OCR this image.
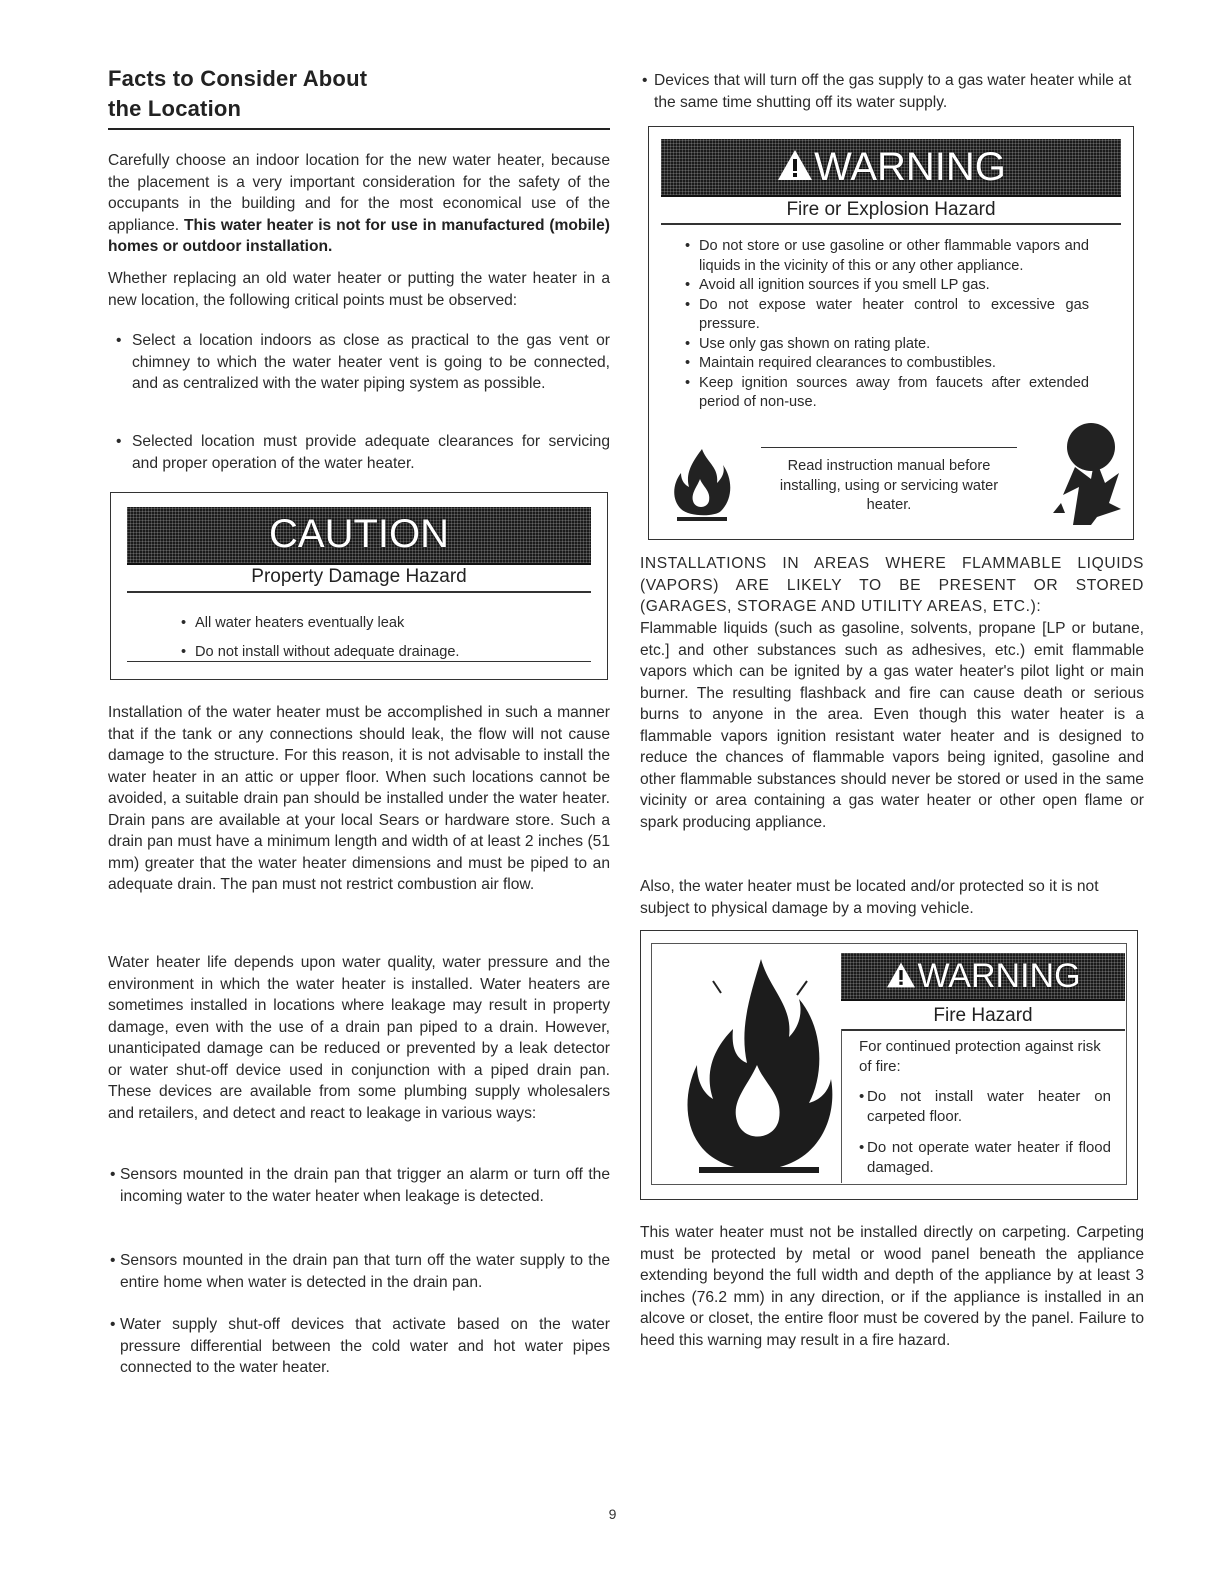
Facts to Consider About
the Location

Carefully choose an indoor location for the new water heater, because the placement is a very important consideration for the safety of the occupants in the building and for the most economical use of the appliance. This water heater is not for use in manufactured (mobile) homes or outdoor installation.

Whether replacing an old water heater or putting the water heater in a new location, the following critical points must be observed:

• Select a location indoors as close as practical to the gas vent or chimney to which the water heater vent is going to be connected, and as centralized with the water piping system as possible.
• Selected location must provide adequate clearances for servicing and proper operation of the water heater.
CAUTION
Property Damage Hazard
• All water heaters eventually leak
• Do not install without adequate drainage.

Installation of the water heater must be accomplished in such a manner that if the tank or any connections should leak, the flow will not cause damage to the structure. For this reason, it is not advisable to install the water heater in an attic or upper floor. When such locations cannot be avoided, a suitable drain pan should be installed under the water heater. Drain pans are available at your local Sears or hardware store. Such a drain pan must have a minimum length and width of at least 2 inches (51 mm) greater that the water heater dimensions and must be piped to an adequate drain. The pan must not restrict combustion air flow.

Water heater life depends upon water quality, water pressure and the environment in which the water heater is installed. Water heaters are sometimes installed in locations where leakage may result in property damage, even with the use of a drain pan piped to a drain. However, unanticipated damage can be reduced or prevented by a leak detector or water shut-off device used in conjunction with a piped drain pan. These devices are available from some plumbing supply wholesalers and retailers, and detect and react to leakage in various ways:

• Sensors mounted in the drain pan that trigger an alarm or turn off the incoming water to the water heater when leakage is detected.
• Sensors mounted in the drain pan that turn off the water supply to the entire home when water is detected in the drain pan.
• Water supply shut-off devices that activate based on the water pressure differential between the cold water and hot water pipes connected to the water heater.
• Devices that will turn off the gas supply to a gas water heater while at the same time shutting off its water supply.
WARNING
Fire or Explosion Hazard
• Do not store or use gasoline or other flammable vapors and liquids in the vicinity of this or any other appliance.
• Avoid all ignition sources if you smell LP gas.
• Do not expose water heater control to excessive gas pressure.
• Use only gas shown on rating plate.
• Maintain required clearances to combustibles.
• Keep ignition sources away from faucets after extended period of non-use.
Read instruction manual before installing, using or servicing water heater.

INSTALLATIONS IN AREAS WHERE FLAMMABLE LIQUIDS (VAPORS) ARE LIKELY TO BE PRESENT OR STORED (GARAGES, STORAGE AND UTILITY AREAS, ETC.):

Flammable liquids (such as gasoline, solvents, propane [LP or butane, etc.] and other substances such as adhesives, etc.) emit flammable vapors which can be ignited by a gas water heater's pilot light or main burner. The resulting flashback and fire can cause death or serious burns to anyone in the area. Even though this water heater is a flammable vapors ignition resistant water heater and is designed to reduce the chances of flammable vapors being ignited, gasoline and other flammable substances should never be stored or used in the same vicinity or area containing a gas water heater or other open flame or spark producing appliance.

Also, the water heater must be located and/or protected so it is not subject to physical damage by a moving vehicle.

WARNING
Fire Hazard
For continued protection against risk of fire:
• Do not install water heater on carpeted floor.
• Do not operate water heater if flood damaged.

This water heater must not be installed directly on carpeting. Carpeting must be protected by metal or wood panel beneath the appliance extending beyond the full width and depth of the appliance by at least 3 inches (76.2 mm) in any direction, or if the appliance is installed in an alcove or closet, the entire floor must be covered by the panel. Failure to heed this warning may result in a fire hazard.

9
